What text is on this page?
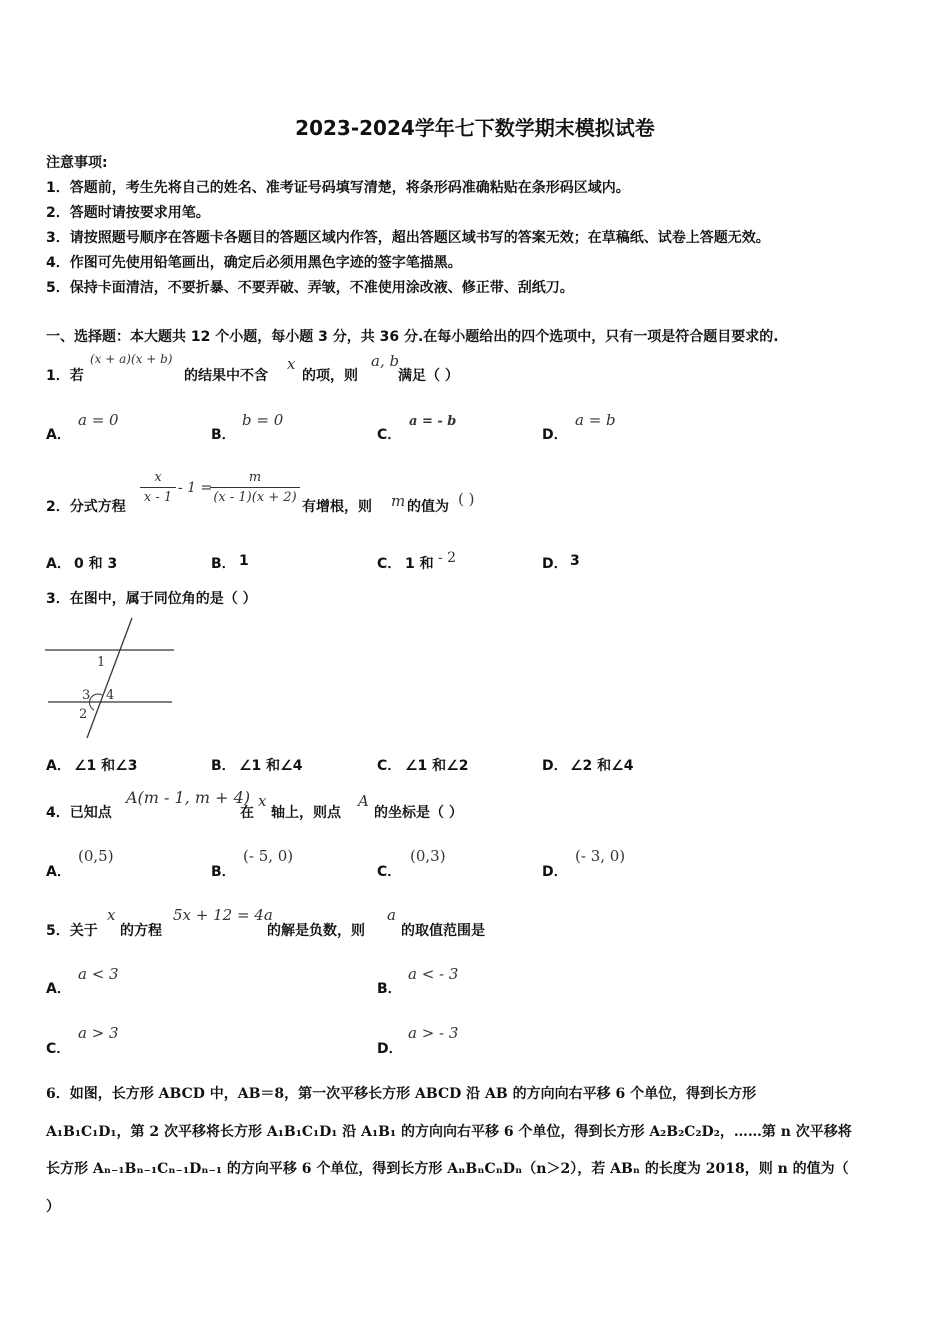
2023-2024学年七下数学期末模拟试卷
注意事项:
1．答题前，考生先将自己的姓名、准考证号码填写清楚，将条形码准确粘贴在条形码区域内。
2．答题时请按要求用笔。
3．请按照题号顺序在答题卡各题目的答题区域内作答，超出答题区域书写的答案无效；在草稿纸、试卷上答题无效。
4．作图可先使用铅笔画出，确定后必须用黑色字迹的签字笔描黑。
5．保持卡面清洁，不要折暴、不要弄破、弄皱，不准使用涂改液、修正带、刮纸刀。
一、选择题：本大题共 12 个小题，每小题 3 分，共 36 分.在每小题给出的四个选项中，只有一项是符合题目要求的.
1．若
(x + a)(x + b)
的结果中不含
x
的项，则
a, b
满足（ ）
A．
a = 0
B．
b = 0
C．
a = - b
D．
a = b
2．分式方程
x
x - 1
- 1 =
m
(x - 1)(x + 2)
有增根，则 m 的值为 ( )
A． 0 和 3	B． 1	C． 1 和 - 2	D． 3
3．在图中，属于同位角的是（ ）
1
3 4
2
A． ∠1 和∠3	B． ∠1 和∠4	C． ∠1 和∠2	D． ∠2 和∠4
4．已知点
A(m - 1, m + 4)
在
x
轴上，则点
A
的坐标是（ ）
A．
(0,5)
B．
(- 5, 0)
C．
(0,3)
D．
(- 3, 0)
5．关于
x
的方程
5x + 12 = 4a
的解是负数，则
a
的取值范围是
A．
a < 3
B．
a < - 3
C．
a > 3
D．
a > - 3
6．如图，长方形 ABCD 中，AB＝8，第一次平移长方形 ABCD 沿 AB 的方向向右平移 6 个单位，得到长方形
A₁B₁C₁D₁，第 2 次平移将长方形 A₁B₁C₁D₁ 沿 A₁B₁ 的方向向右平移 6 个单位，得到长方形 A₂B₂C₂D₂，……第 n 次平移将
长方形 Aₙ₋₁Bₙ₋₁Cₙ₋₁Dₙ₋₁ 的方向平移 6 个单位，得到长方形 AₙBₙCₙDₙ（n＞2），若 ABₙ 的长度为 2018，则 n 的值为（
）
